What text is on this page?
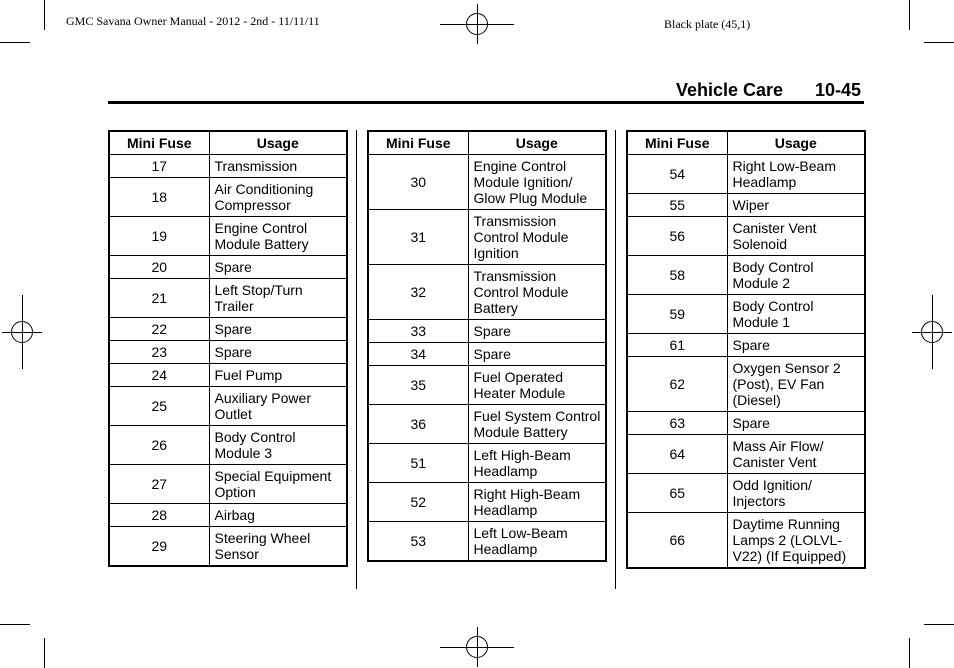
GMC Savana Owner Manual - 2012 - 2nd - 11/11/11	Black plate (45,1)
Vehicle Care 10-45
Mini Fuse	Usage
17	Transmission
18	Air Conditioning Compressor
19	Engine Control Module Battery
20	Spare
21	Left Stop/Turn Trailer
22	Spare
23	Spare
24	Fuel Pump
25	Auxiliary Power Outlet
26	Body Control Module 3
27	Special Equipment Option
28	Airbag
29	Steering Wheel Sensor
Mini Fuse	Usage
30	Engine Control Module Ignition/ Glow Plug Module
31	Transmission Control Module Ignition
32	Transmission Control Module Battery
33	Spare
34	Spare
35	Fuel Operated Heater Module
36	Fuel System Control Module Battery
51	Left High-Beam Headlamp
52	Right High-Beam Headlamp
53	Left Low-Beam Headlamp
Mini Fuse	Usage
54	Right Low-Beam Headlamp
55	Wiper
56	Canister Vent Solenoid
58	Body Control Module 2
59	Body Control Module 1
61	Spare
62	Oxygen Sensor 2 (Post), EV Fan (Diesel)
63	Spare
64	Mass Air Flow/ Canister Vent
65	Odd Ignition/ Injectors
66	Daytime Running Lamps 2 (LOLVL-V22) (If Equipped)
